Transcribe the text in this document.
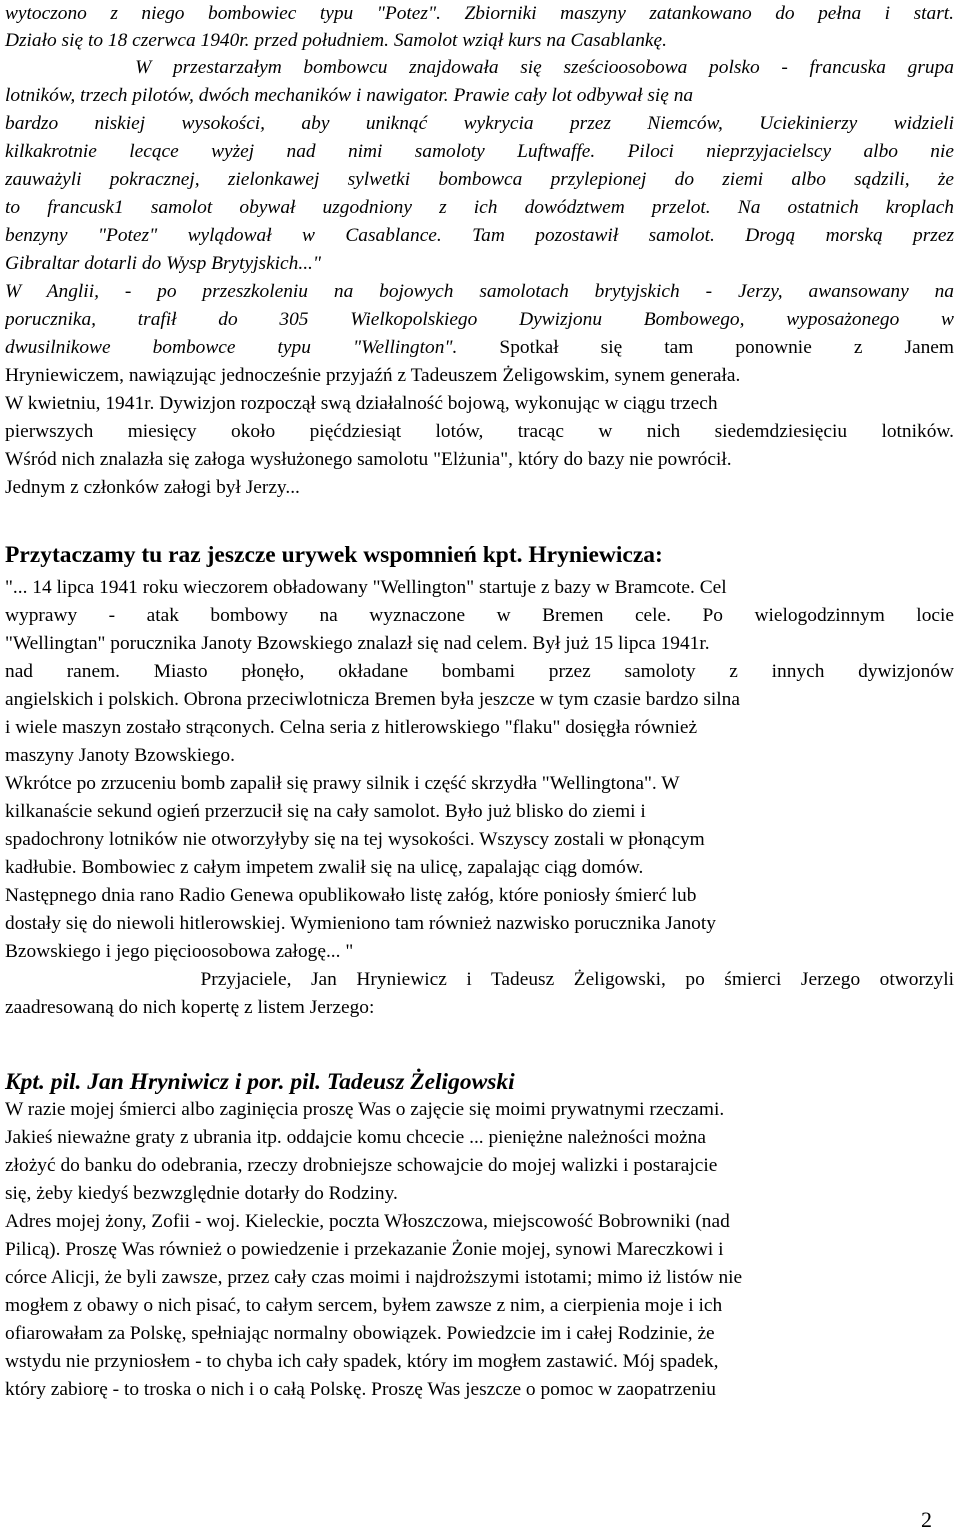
wytoczono z niego bombowiec typu "Potez". Zbiorniki maszyny zatankowano do pełna i start.
Działo się to 18 czerwca 1940r. przed południem. Samolot wziął kurs na Casablankę.
W przestarzałym bombowcu znajdowała się sześcioosobowa polsko - francuska grupa
lotników, trzech pilotów, dwóch mechaników i nawigator. Prawie cały lot odbywał się na
bardzo niskiej wysokości, aby uniknąć wykrycia przez Niemców, Uciekinierzy widzieli
kilkakrotnie lecące wyżej nad nimi samoloty Luftwaffe. Piloci nieprzyjacielscy albo nie
zauważyli pokracznej, zielonkawej sylwetki bombowca przylepionej do ziemi albo sądzili, że
to francusk1 samolot obywał uzgodniony z ich dowództwem przelot. Na ostatnich kroplach
benzyny "Potez" wylądował w Casablance. Tam pozostawił samolot. Drogą morską przez
Gibraltar dotarli do Wysp Brytyjskich..."
W Anglii, - po przeszkoleniu na bojowych samolotach brytyjskich - Jerzy, awansowany na
porucznika, trafił do 305 Wielkopolskiego Dywizjonu Bombowego, wyposażonego w
dwusilnikowe bombowce typu "Wellington". Spotkał się tam ponownie z Janem
Hryniewiczem, nawiązując jednocześnie przyjaźń z Tadeuszem Żeligowskim, synem generała.
W kwietniu, 1941r. Dywizjon rozpoczął swą działalność bojową, wykonując w ciągu trzech
pierwszych miesięcy około pięćdziesiąt lotów, tracąc w nich siedemdziesięciu lotników.
Wśród nich znalazła się załoga wysłużonego samolotu "Elżunia", który do bazy nie powrócił.
Jednym z członków załogi był Jerzy...
Przytaczamy tu raz jeszcze urywek wspomnień kpt. Hryniewicza:
"... 14 lipca 1941 roku wieczorem obładowany "Wellington" startuje z bazy w Bramcote. Cel
wyprawy - atak bombowy na wyznaczone w Bremen cele. Po wielogodzinnym locie
"Wellingtan" porucznika Janoty Bzowskiego znalazł się nad celem. Był już 15 lipca 1941r.
nad ranem. Miasto płonęło, okładane bombami przez samoloty z innych dywizjonów
angielskich i polskich. Obrona przeciwlotnicza Bremen była jeszcze w tym czasie bardzo silna
i wiele maszyn zostało strąconych. Celna seria z hitlerowskiego "flaku" dosięgła również
maszyny Janoty Bzowskiego.
Wkrótce po zrzuceniu bomb zapalił się prawy silnik i część skrzydła "Wellingtona". W
kilkanaście sekund ogień przerzucił się na cały samolot. Było już blisko do ziemi i
spadochrony lotników nie otworzyłyby się na tej wysokości. Wszyscy zostali w płonącym
kadłubie. Bombowiec z całym impetem zwalił się na ulicę, zapalając ciąg domów.
Następnego dnia rano Radio Genewa opublikowało listę załóg, które poniosły śmierć lub
dostały się do niewoli hitlerowskiej. Wymieniono tam również nazwisko porucznika Janoty
Bzowskiego i jego pięcioosobowa załogę... "
Przyjaciele, Jan Hryniewicz i Tadeusz Żeligowski, po śmierci Jerzego otworzyli
zaadresowaną do nich kopertę z listem Jerzego:
Kpt. pil. Jan Hryniwicz i por. pil. Tadeusz Żeligowski
W razie mojej śmierci albo zaginięcia proszę Was o zajęcie się moimi prywatnymi rzeczami.
Jakieś nieważne graty z ubrania itp. oddajcie komu chcecie ... pieniężne należności można
złożyć do banku do odebrania, rzeczy drobniejsze schowajcie do mojej walizki i postarajcie
się, żeby kiedyś bezwzględnie dotarły do Rodziny.
Adres mojej żony, Zofii - woj. Kieleckie, poczta Włoszczowa, miejscowość Bobrowniki (nad
Pilicą). Proszę Was również o powiedzenie i przekazanie Żonie mojej, synowi Mareczkowi i
córce Alicji, że byli zawsze, przez cały czas moimi i najdroższymi istotami; mimo iż listów nie
mogłem z obawy o nich pisać, to całym sercem, byłem zawsze z nim, a cierpienia moje i ich
ofiarowałam za Polskę, spełniając normalny obowiązek. Powiedzcie im i całej Rodzinie, że
wstydu nie przyniosłem - to chyba ich cały spadek, który im mogłem zastawić. Mój spadek,
który zabiorę - to troska o nich i o całą Polskę. Proszę Was jeszcze o pomoc w zaopatrzeniu
2
